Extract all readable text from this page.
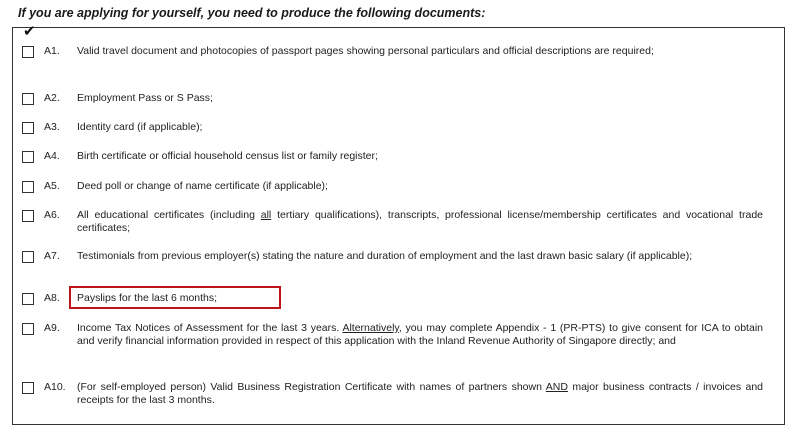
If you are applying for yourself, you need to produce the following documents:
✔
A1. Valid travel document and photocopies of passport pages showing personal particulars and official descriptions are required;
A2. Employment Pass or S Pass;
A3. Identity card (if applicable);
A4. Birth certificate or official household census list or family register;
A5. Deed poll or change of name certificate (if applicable);
A6. All educational certificates (including all tertiary qualifications), transcripts, professional license/membership certificates and vocational trade certificates;
A7. Testimonials from previous employer(s) stating the nature and duration of employment and the last drawn basic salary (if applicable);
A8. Payslips for the last 6 months;
A9. Income Tax Notices of Assessment for the last 3 years. Alternatively, you may complete Appendix - 1 (PR-PTS) to give consent for ICA to obtain and verify financial information provided in respect of this application with the Inland Revenue Authority of Singapore directly; and
A10. (For self-employed person) Valid Business Registration Certificate with names of partners shown AND major business contracts / invoices and receipts for the last 3 months.
